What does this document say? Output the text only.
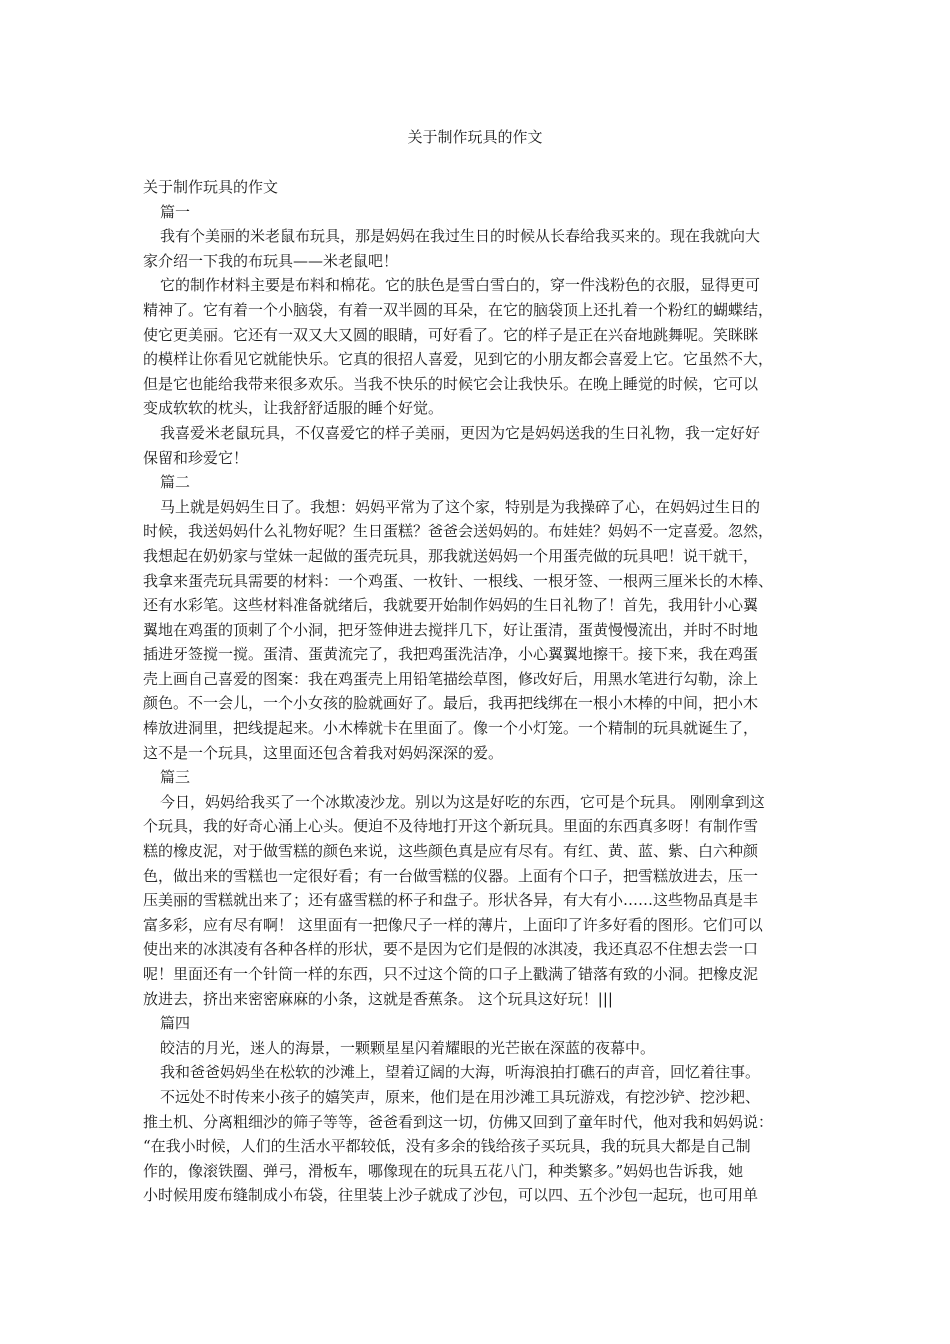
关于制作玩具的作文
关于制作玩具的作文
篇一
我有个美丽的米老鼠布玩具，那是妈妈在我过生日的时候从长春给我买来的。现在我就向大
家介绍一下我的布玩具——米老鼠吧！
它的制作材料主要是布料和棉花。它的肤色是雪白雪白的，穿一件浅粉色的衣服，显得更可
精神了。它有着一个小脑袋，有着一双半圆的耳朵，在它的脑袋顶上还扎着一个粉红的蝴蝶结，
使它更美丽。它还有一双又大又圆的眼睛，可好看了。它的样子是正在兴奋地跳舞呢。笑眯眯
的模样让你看见它就能快乐。它真的很招人喜爱，见到它的小朋友都会喜爱上它。它虽然不大，
但是它也能给我带来很多欢乐。当我不快乐的时候它会让我快乐。在晚上睡觉的时候，它可以
变成软软的枕头，让我舒舒适服的睡个好觉。
我喜爱米老鼠玩具，不仅喜爱它的样子美丽，更因为它是妈妈送我的生日礼物，我一定好好
保留和珍爱它！
篇二
马上就是妈妈生日了。我想：妈妈平常为了这个家，特别是为我操碎了心，在妈妈过生日的
时候，我送妈妈什么礼物好呢？生日蛋糕？爸爸会送妈妈的。布娃娃？妈妈不一定喜爱。忽然，
我想起在奶奶家与堂妹一起做的蛋壳玩具，那我就送妈妈一个用蛋壳做的玩具吧！说干就干，
我拿来蛋壳玩具需要的材料：一个鸡蛋、一枚针、一根线、一根牙签、一根两三厘米长的木棒、
还有水彩笔。这些材料准备就绪后，我就要开始制作妈妈的生日礼物了！首先，我用针小心翼
翼地在鸡蛋的顶刺了个小洞，把牙签伸进去搅拌几下，好让蛋清，蛋黄慢慢流出，并时不时地
插进牙签搅一搅。蛋清、蛋黄流完了，我把鸡蛋洗洁净，小心翼翼地擦干。接下来，我在鸡蛋
壳上画自己喜爱的图案：我在鸡蛋壳上用铅笔描绘草图，修改好后，用黑水笔进行勾勒，涂上
颜色。不一会儿，一个小女孩的脸就画好了。最后，我再把线绑在一根小木棒的中间，把小木
棒放进洞里，把线提起来。小木棒就卡在里面了。像一个小灯笼。一个精制的玩具就诞生了，
这不是一个玩具，这里面还包含着我对妈妈深深的爱。
篇三
今日，妈妈给我买了一个冰欺凌沙龙。别以为这是好吃的东西，它可是个玩具。 刚刚拿到这
个玩具，我的好奇心涌上心头。便迫不及待地打开这个新玩具。里面的东西真多呀！有制作雪
糕的橡皮泥，对于做雪糕的颜色来说，这些颜色真是应有尽有。有红、黄、蓝、紫、白六种颜
色，做出来的雪糕也一定很好看；有一台做雪糕的仪器。上面有个口子，把雪糕放进去，压一
压美丽的雪糕就出来了；还有盛雪糕的杯子和盘子。形状各异，有大有小……这些物品真是丰
富多彩，应有尽有啊！ 这里面有一把像尺子一样的薄片，上面印了许多好看的图形。它们可以
使出来的冰淇凌有各种各样的形状，要不是因为它们是假的冰淇凌，我还真忍不住想去尝一口
呢！里面还有一个针筒一样的东西，只不过这个筒的口子上戳满了错落有致的小洞。把橡皮泥
放进去，挤出来密密麻麻的小条，这就是香蕉条。 这个玩具这好玩！|||
篇四
皎洁的月光，迷人的海景，一颗颗星星闪着耀眼的光芒嵌在深蓝的夜幕中。
我和爸爸妈妈坐在松软的沙滩上，望着辽阔的大海，听海浪拍打礁石的声音，回忆着往事。
不远处不时传来小孩子的嬉笑声，原来，他们是在用沙滩工具玩游戏，有挖沙铲、挖沙耙、
推土机、分离粗细沙的筛子等等，爸爸看到这一切，仿佛又回到了童年时代，他对我和妈妈说：
“在我小时候，人们的生活水平都较低，没有多余的钱给孩子买玩具，我的玩具大都是自己制
作的，像滚铁圈、弹弓，滑板车，哪像现在的玩具五花八门，种类繁多。”妈妈也告诉我，她
小时候用废布缝制成小布袋，往里装上沙子就成了沙包，可以四、五个沙包一起玩，也可用单
